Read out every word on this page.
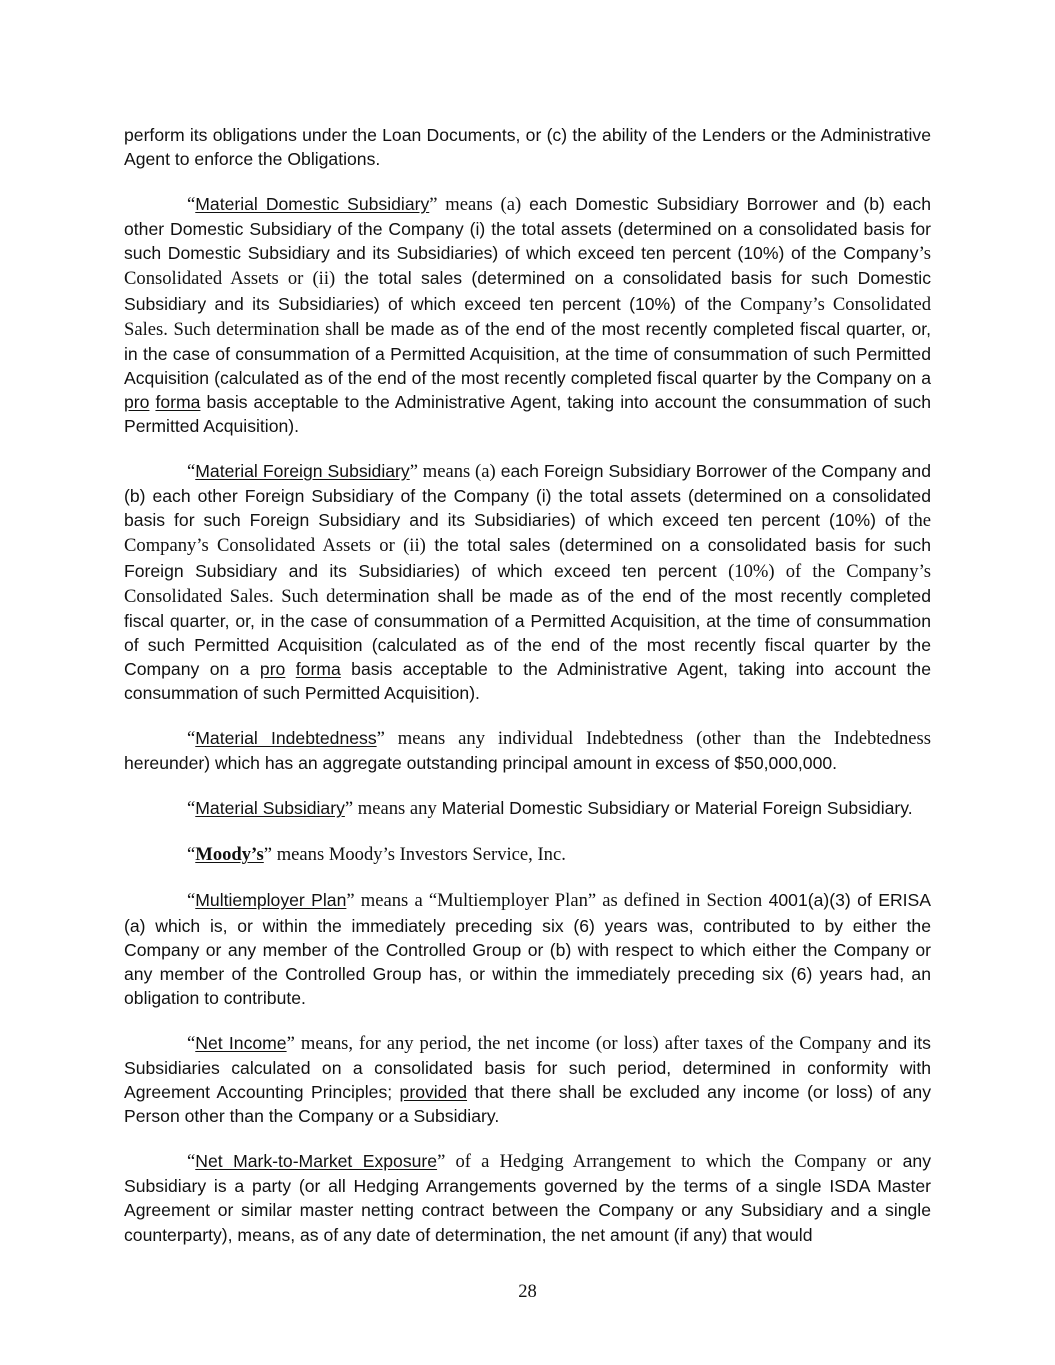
perform its obligations under the Loan Documents, or (c) the ability of the Lenders or the Administrative Agent to enforce the Obligations.

“Material Domestic Subsidiary” means (a) each Domestic Subsidiary Borrower and (b) each other Domestic Subsidiary of the Company (i) the total assets (determined on a consolidated basis for such Domestic Subsidiary and its Subsidiaries) of which exceed ten percent (10%) of the Company’s Consolidated Assets or (ii) the total sales (determined on a consolidated basis for such Domestic Subsidiary and its Subsidiaries) of which exceed ten percent (10%) of the Company’s Consolidated Sales. Such determination shall be made as of the end of the most recently completed fiscal quarter, or, in the case of consummation of a Permitted Acquisition, at the time of consummation of such Permitted Acquisition (calculated as of the end of the most recently completed fiscal quarter by the Company on a pro forma basis acceptable to the Administrative Agent, taking into account the consummation of such Permitted Acquisition).

“Material Foreign Subsidiary” means (a) each Foreign Subsidiary Borrower of the Company and (b) each other Foreign Subsidiary of the Company (i) the total assets (determined on a consolidated basis for such Foreign Subsidiary and its Subsidiaries) of which exceed ten percent (10%) of the Company’s Consolidated Assets or (ii) the total sales (determined on a consolidated basis for such Foreign Subsidiary and its Subsidiaries) of which exceed ten percent (10%) of the Company’s Consolidated Sales. Such determination shall be made as of the end of the most recently completed fiscal quarter, or, in the case of consummation of a Permitted Acquisition, at the time of consummation of such Permitted Acquisition (calculated as of the end of the most recently fiscal quarter by the Company on a pro forma basis acceptable to the Administrative Agent, taking into account the consummation of such Permitted Acquisition).

“Material Indebtedness” means any individual Indebtedness (other than the Indebtedness hereunder) which has an aggregate outstanding principal amount in excess of $50,000,000.

“Material Subsidiary” means any Material Domestic Subsidiary or Material Foreign Subsidiary.

“Moody’s” means Moody’s Investors Service, Inc.

“Multiemployer Plan” means a “Multiemployer Plan” as defined in Section 4001(a)(3) of ERISA (a) which is, or within the immediately preceding six (6) years was, contributed to by either the Company or any member of the Controlled Group or (b) with respect to which either the Company or any member of the Controlled Group has, or within the immediately preceding six (6) years had, an obligation to contribute.

“Net Income” means, for any period, the net income (or loss) after taxes of the Company and its Subsidiaries calculated on a consolidated basis for such period, determined in conformity with Agreement Accounting Principles; provided that there shall be excluded any income (or loss) of any Person other than the Company or a Subsidiary.

“Net Mark-to-Market Exposure” of a Hedging Arrangement to which the Company or any Subsidiary is a party (or all Hedging Arrangements governed by the terms of a single ISDA Master Agreement or similar master netting contract between the Company or any Subsidiary and a single counterparty), means, as of any date of determination, the net amount (if any) that would

28
